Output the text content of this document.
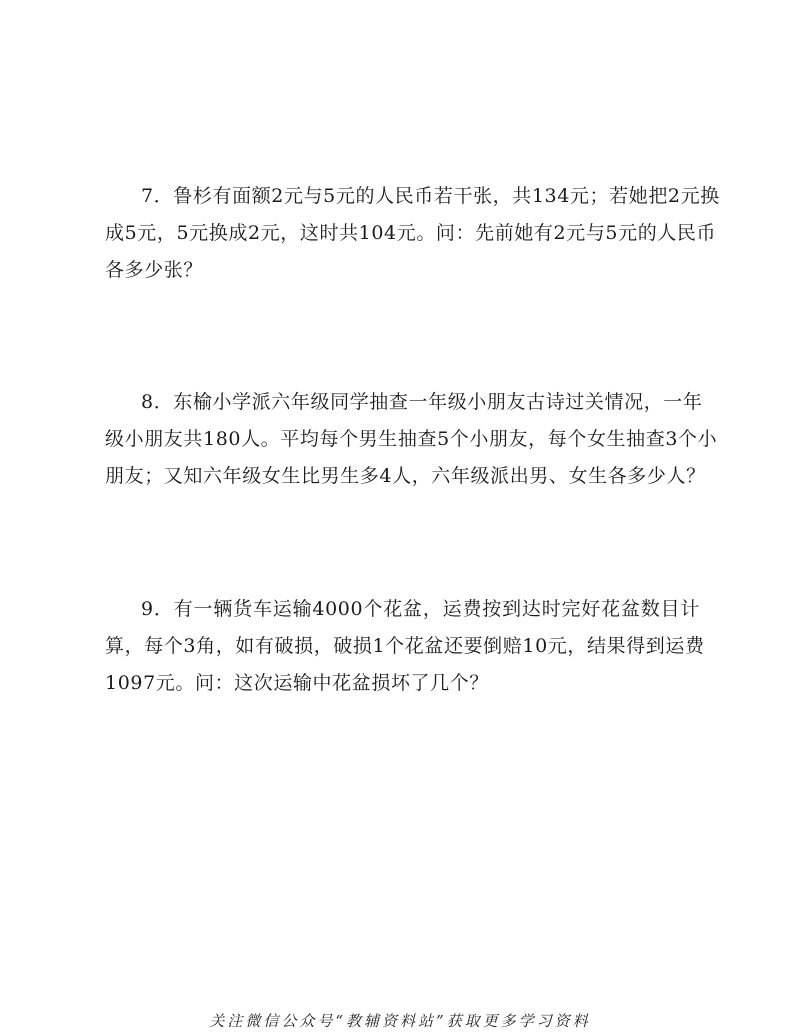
7．鲁杉有面额2元与5元的人民币若干张，共134元；若她把2元换
成5元，5元换成2元，这时共104元。问：先前她有2元与5元的人民币
各多少张？
8．东榆小学派六年级同学抽查一年级小朋友古诗过关情况，一年
级小朋友共180人。平均每个男生抽查5个小朋友，每个女生抽查3个小
朋友；又知六年级女生比男生多4人，六年级派出男、女生各多少人？
9．有一辆货车运输4000个花盆，运费按到达时完好花盆数目计
算，每个3角，如有破损，破损1个花盆还要倒赔10元，结果得到运费
1097元。问：这次运输中花盆损坏了几个？
关注微信公众号“教辅资料站”获取更多学习资料
